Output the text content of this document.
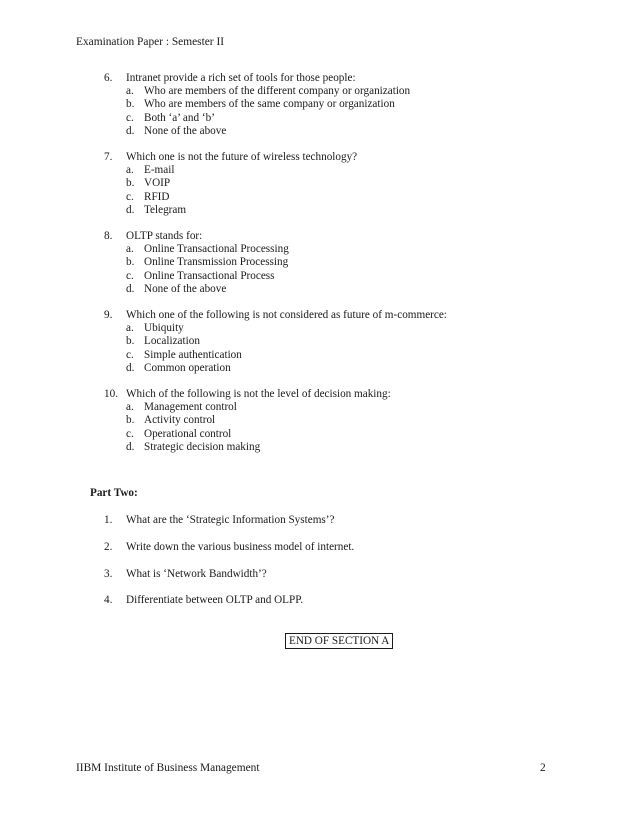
Examination Paper : Semester II
6.	Intranet provide a rich set of tools for those people:
a. Who are members of the different company or organization
b. Who are members of the same company or organization
c. Both ‘a’ and ‘b’
d. None of the above
7.	Which one is not the future of wireless technology?
a. E-mail
b. VOIP
c. RFID
d. Telegram
8.	OLTP stands for:
a. Online Transactional Processing
b. Online Transmission Processing
c. Online Transactional Process
d. None of the above
9.	Which one of the following is not considered as future of m-commerce:
a. Ubiquity
b. Localization
c. Simple authentication
d. Common operation
10. Which of the following is not the level of decision making:
a. Management control
b. Activity control
c. Operational control
d. Strategic decision making
Part Two:
1.	What are the ‘Strategic Information Systems’?
2.	Write down the various business model of internet.
3.	What is ‘Network Bandwidth’?
4.	Differentiate between OLTP and OLPP.
END OF SECTION A
IIBM Institute of Business Management	2
